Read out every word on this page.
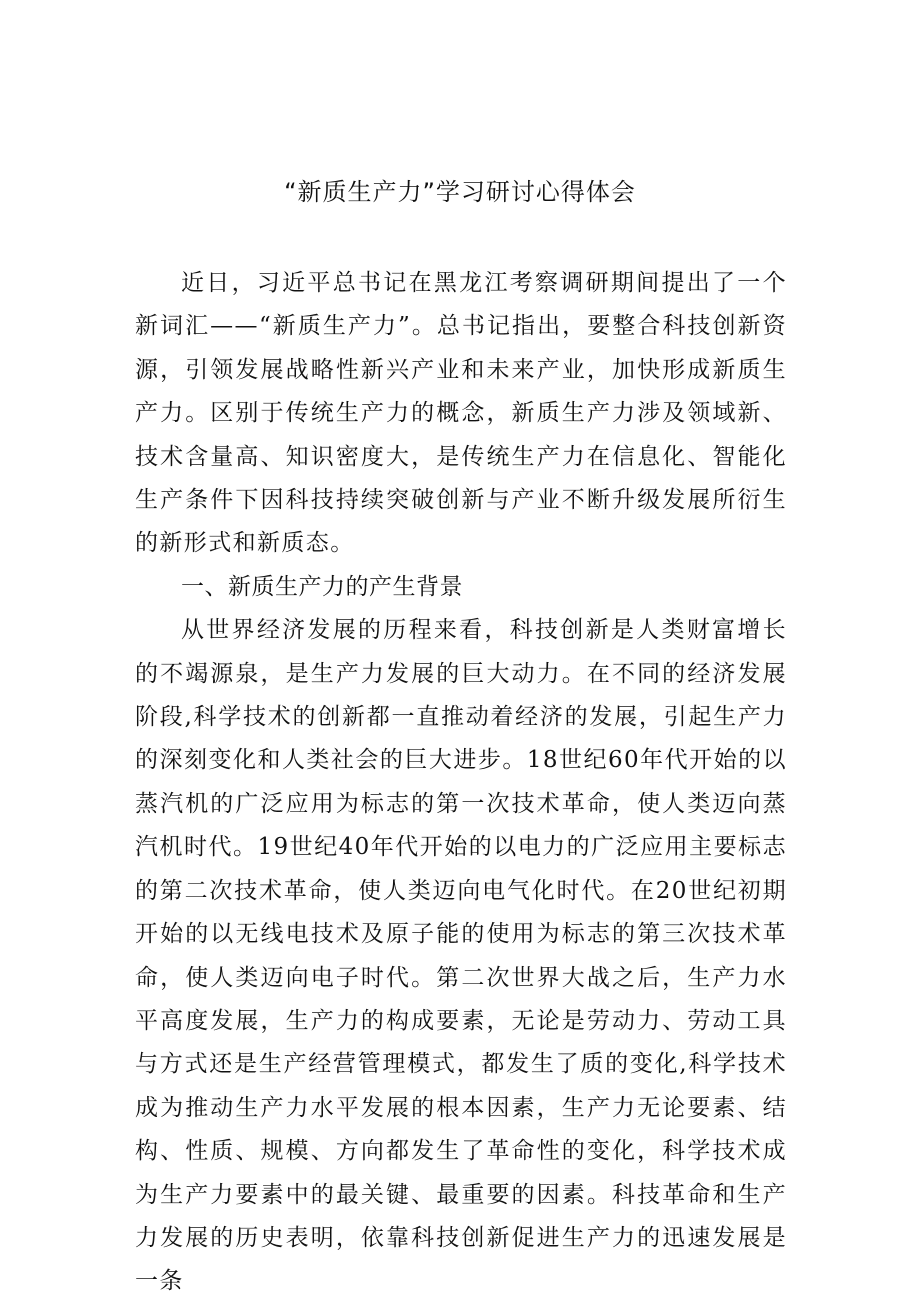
“新质生产力”学习研讨心得体会

近日，习近平总书记在黑龙江考察调研期间提出了一个新词汇——“新质生产力”。总书记指出，要整合科技创新资源，引领发展战略性新兴产业和未来产业，加快形成新质生产力。区别于传统生产力的概念，新质生产力涉及领域新、技术含量高、知识密度大，是传统生产力在信息化、智能化生产条件下因科技持续突破创新与产业不断升级发展所衍生的新形式和新质态。

一、新质生产力的产生背景

从世界经济发展的历程来看，科技创新是人类财富增长的不竭源泉，是生产力发展的巨大动力。在不同的经济发展阶段,科学技术的创新都一直推动着经济的发展，引起生产力的深刻变化和人类社会的巨大进步。18世纪60年代开始的以蒸汽机的广泛应用为标志的第一次技术革命，使人类迈向蒸汽机时代。19世纪40年代开始的以电力的广泛应用主要标志的第二次技术革命，使人类迈向电气化时代。在20世纪初期开始的以无线电技术及原子能的使用为标志的第三次技术革命，使人类迈向电子时代。第二次世界大战之后，生产力水平高度发展，生产力的构成要素，无论是劳动力、劳动工具与方式还是生产经营管理模式，都发生了质的变化,科学技术成为推动生产力水平发展的根本因素，生产力无论要素、结构、性质、规模、方向都发生了革命性的变化，科学技术成为生产力要素中的最关键、最重要的因素。科技革命和生产力发展的历史表明，依靠科技创新促进生产力的迅速发展是一条
